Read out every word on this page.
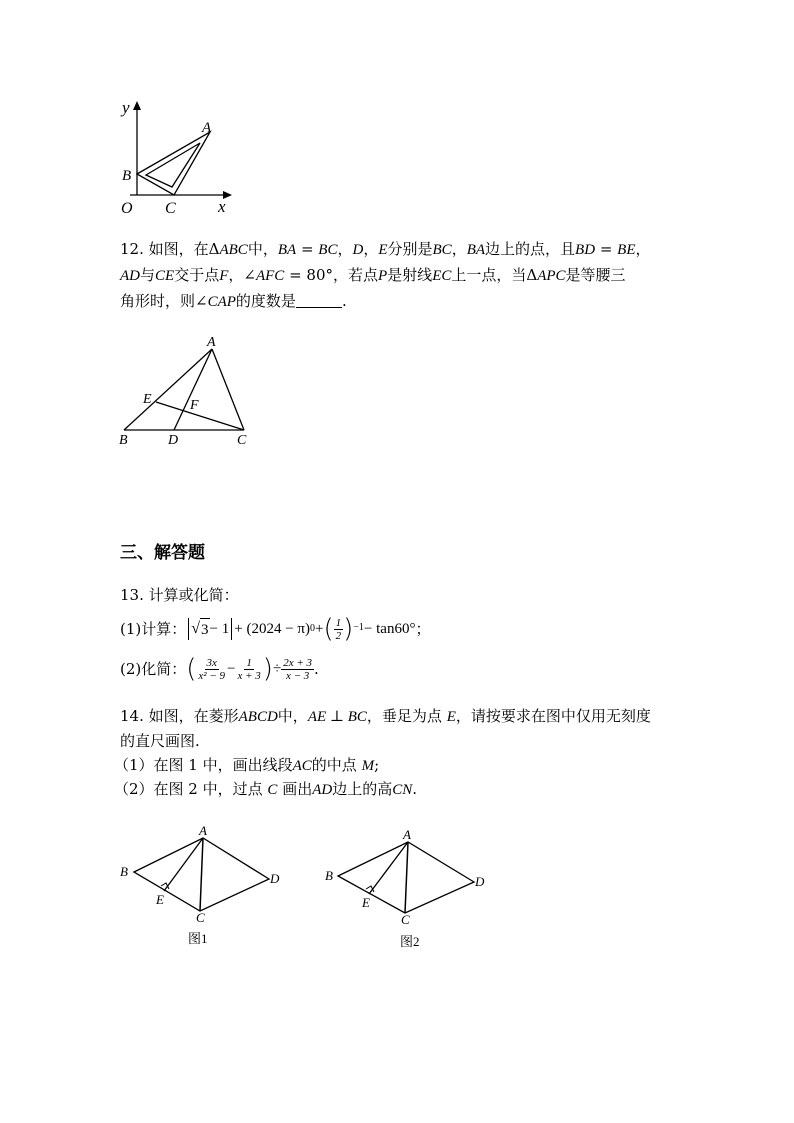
y
A
B
O C x
12. 如图，在ΔABC中，BA = BC，D，E分别是BC，BA边上的点，且BD = BE，
AD与CE交于点F，∠AFC = 80°，若点P是射线EC上一点，当ΔAPC是等腰三
角形时，则∠CAP的度数是	.
A
E	F
B	D	C
三、解答题
13. 计算或化简：
(1)计算： √ 3 − 1 + (2024 − π) 0 + ( $\frac{1}{2}$ ) −1 − tan60° ；
(2)化简： ( $\frac{3x}{\text{x² − 9}} - \frac{1}{x + 3}$ ) ÷ $\frac{2x + 3}{x - 3}$ .
14. 如图，在菱形ABCD中，AE ⊥ BC，垂足为点 E，请按要求在图中仅用无刻度
的直尺画图.
（1）在图 1 中，画出线段AC的中点 M;
（2）在图 2 中，过点 C 画出AD边上的高CN.
A
B	D
E
C
图1
A
B	D
E
C
图2
